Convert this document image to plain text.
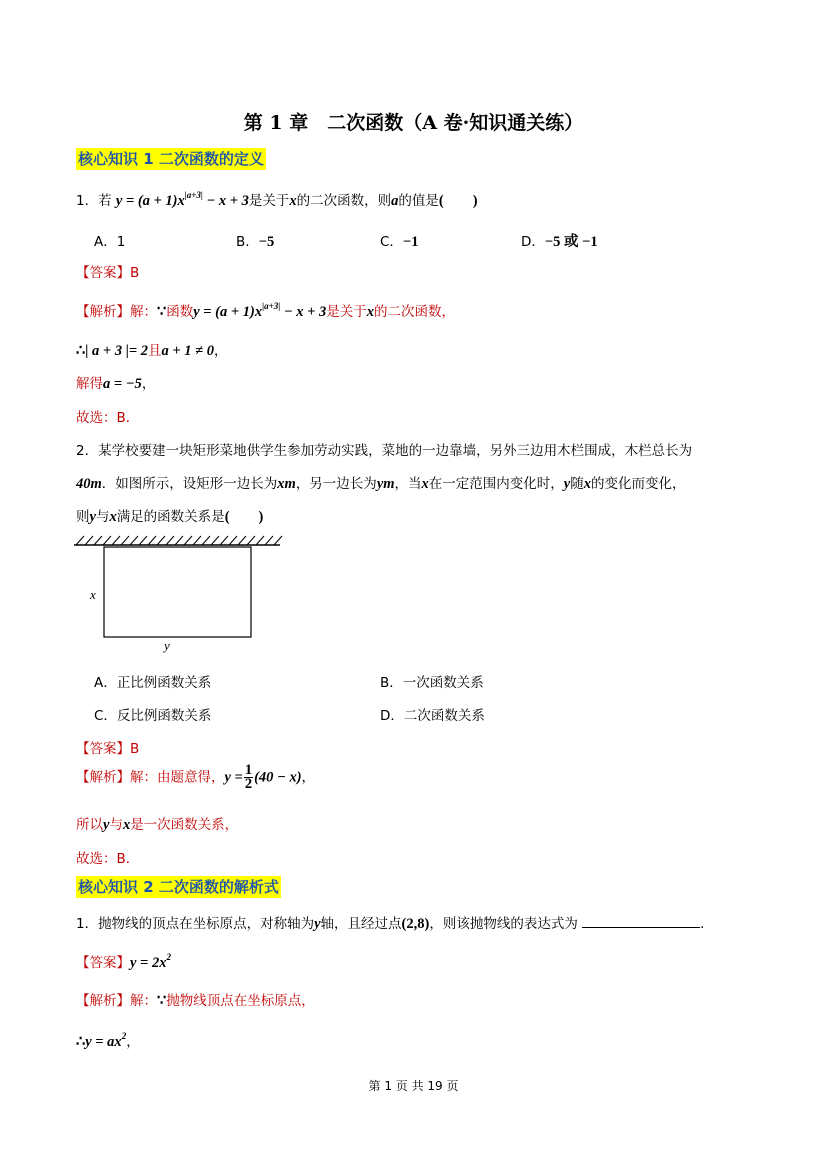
第 1 章　二次函数（A 卷·知识通关练）
核心知识 1 二次函数的定义
1．若 $y = (a + 1)x^{|a+3|} - x + 3$是关于x的二次函数，则a的值是(　　)
A．1	B．−5	C．−1	D．−5 或 −1
【答案】B
【解析】解：∵函数$y = (a + 1)x^{|a+3|} - x + 3$是关于x的二次函数，
∴| a + 3 |= 2且a + 1 ≠ 0，
解得a = −5，
故选：B．
2．某学校要建一块矩形菜地供学生参加劳动实践，菜地的一边靠墙，另外三边用木栏围成，木栏总长为
40m．如图所示，设矩形一边长为xm，另一边长为ym，当x在一定范围内变化时，y随x的变化而变化，
则y与x满足的函数关系是(　　)
x
y
A．正比例函数关系	B．一次函数关系
C．反比例函数关系	D．二次函数关系
【答案】B
【解析】解：由题意得，$y = \frac{1}{2} (40 - x)$，
所以y与x是一次函数关系，
故选：B．
核心知识 2 二次函数的解析式
1．抛物线的顶点在坐标原点，对称轴为y轴，且经过点(2,8)，则该抛物线的表达式为	．
【答案】$y = 2x^2$
【解析】解：∵抛物线顶点在坐标原点，
∴y = $ax^2$，
第 1 页 共 19 页
